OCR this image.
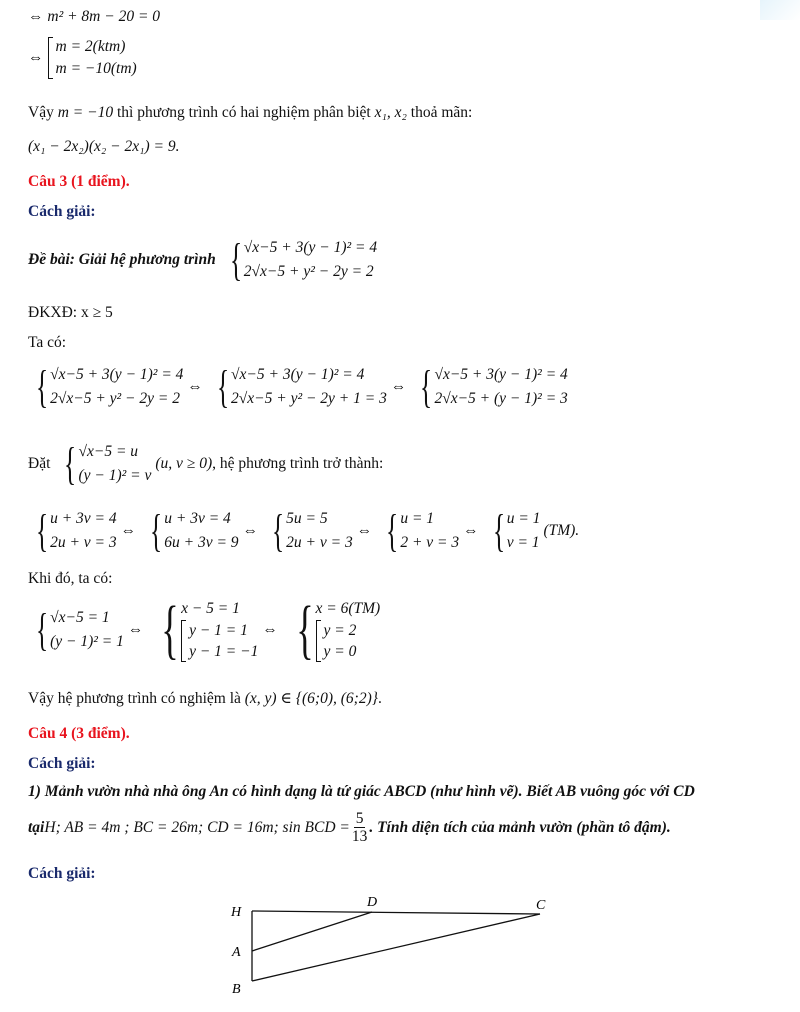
⇔ m² + 8m − 20 = 0
⇔
m = 2(ktm)
m = −10(tm)
Vậy m = −10 thì phương trình có hai nghiệm phân biệt x₁, x₂ thoả mãn:
(x₁ − 2x₂)(x₂ − 2x₁) = 9.
Câu 3 (1 điểm).
Cách giải:
Đề bài: Giải hệ phương trình { √x−5 + 3(y − 1)² = 4
2√x−5 + y² − 2y = 2
ĐKXĐ: x ≥ 5
Ta có:
{ √x−5 + 3(y − 1)² = 4
2√x−5 + y² − 2y = 2
⇔ { √x−5 + 3(y − 1)² = 4
2√x−5 + y² − 2y + 1 = 3
⇔ { √x−5 + 3(y − 1)² = 4
2√x−5 + (y − 1)² = 3
Đặt { √x−5 = u
(y − 1)² = v
(u, v ≥ 0) , hệ phương trình trở thành:
{ u + 3v = 4
2u + v = 3
⇔ { u + 3v = 4
6u + 3v = 9
⇔ { 5u = 5
2u + v = 3
⇔ { u = 1
2 + v = 3
⇔ { u = 1
v = 1
(TM).
Khi đó, ta có:
{ √x−5 = 1
(y − 1)² = 1
⇔ { x − 5 = 1
y − 1 = 1
y − 1 = −1
⇔ { x = 6(TM)
y = 2
y = 0
Vậy hệ phương trình có nghiệm là (x, y) ∈ {(6;0), (6;2)}.
Câu 4 (3 điểm).
Cách giải:
1) Mảnh vườn nhà nhà ông An có hình dạng là tứ giác ABCD (như hình vẽ). Biết AB vuông góc với CD
tại H; AB = 4m ; BC = 26m; CD = 16m; sin BCD = $\frac{5}{13}$ . Tính diện tích của mảnh vườn (phần tô đậm).
Cách giải:
H
D	C
A
B
